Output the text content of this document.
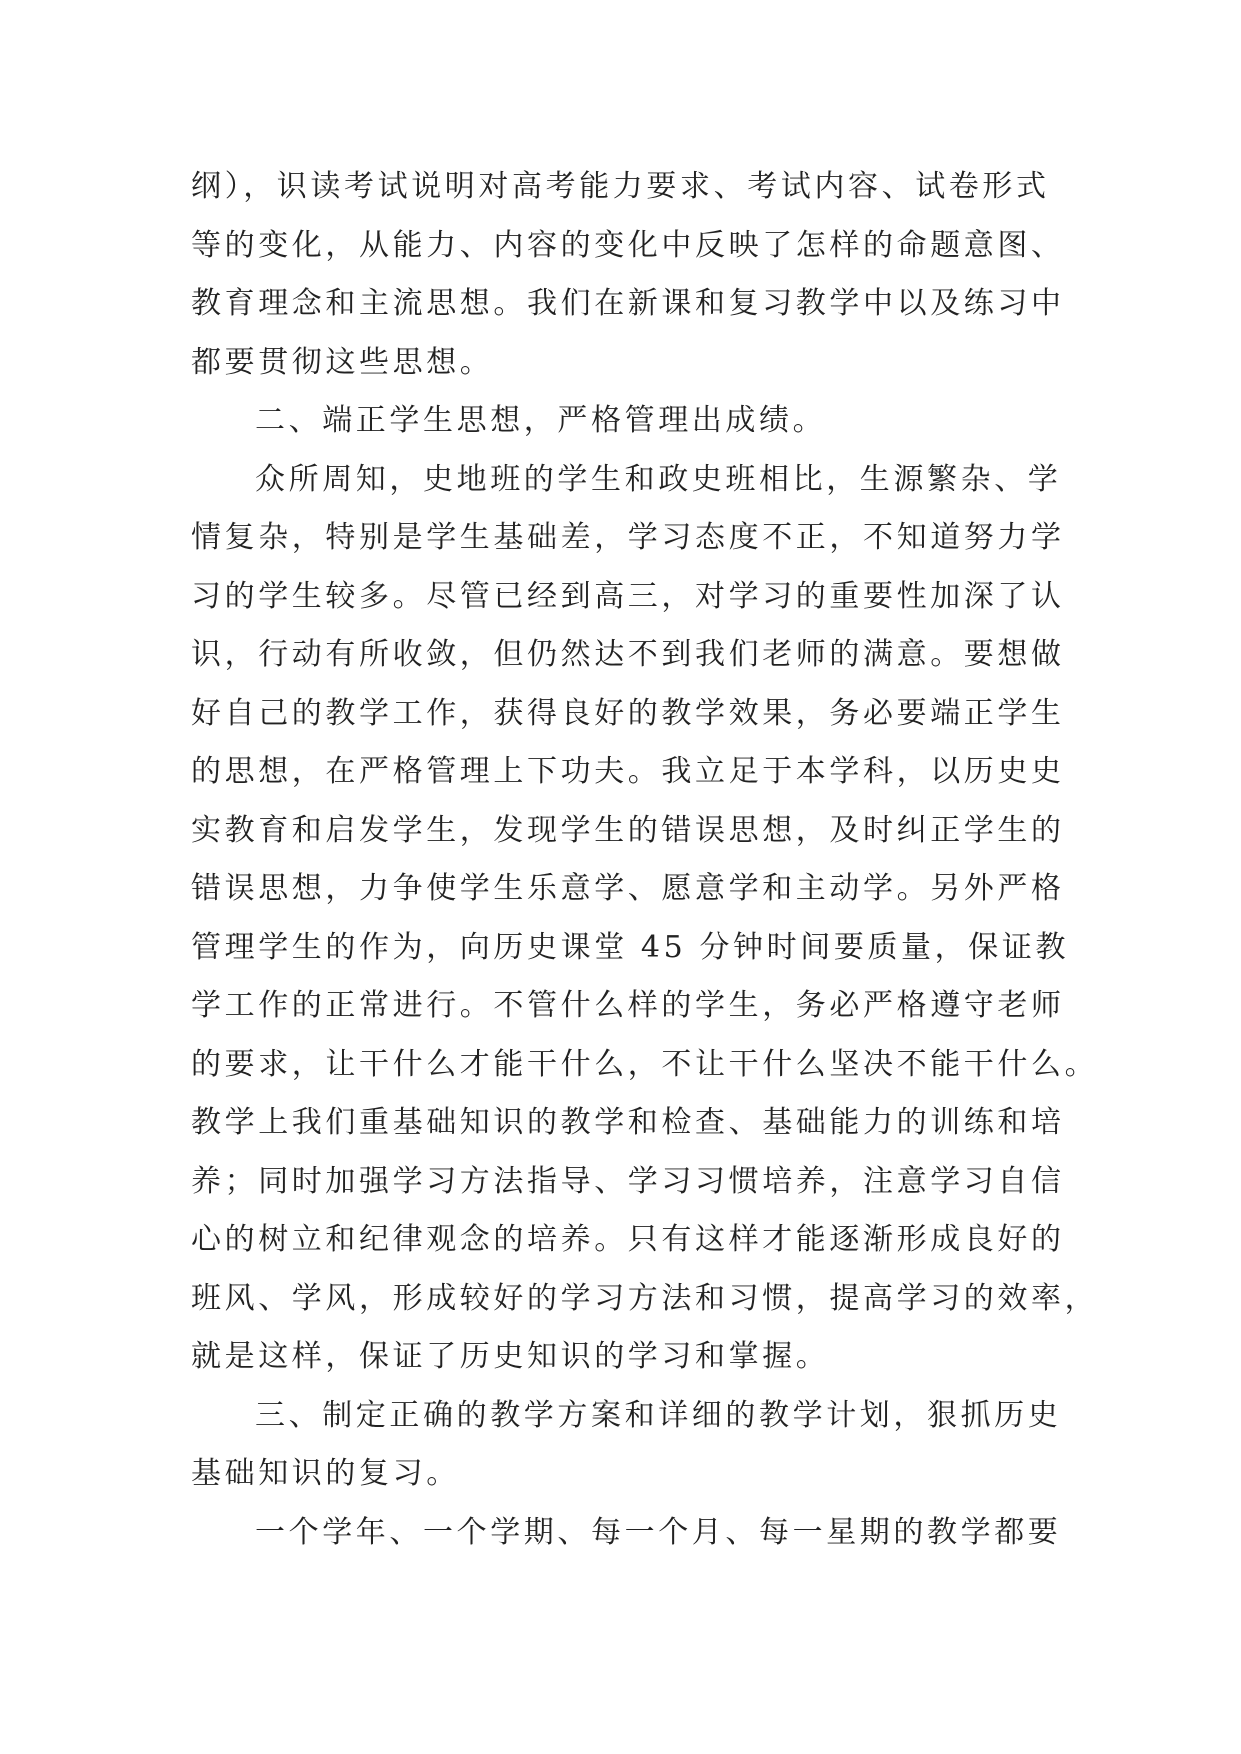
纲），识读考试说明对高考能力要求、考试内容、试卷形式
等的变化，从能力、内容的变化中反映了怎样的命题意图、
教育理念和主流思想。我们在新课和复习教学中以及练习中
都要贯彻这些思想。
二、端正学生思想，严格管理出成绩。
众所周知，史地班的学生和政史班相比，生源繁杂、学
情复杂，特别是学生基础差，学习态度不正，不知道努力学
习的学生较多。尽管已经到高三，对学习的重要性加深了认
识，行动有所收敛，但仍然达不到我们老师的满意。要想做
好自己的教学工作，获得良好的教学效果，务必要端正学生
的思想，在严格管理上下功夫。我立足于本学科，以历史史
实教育和启发学生，发现学生的错误思想，及时纠正学生的
错误思想，力争使学生乐意学、愿意学和主动学。另外严格
管理学生的作为，向历史课堂 45 分钟时间要质量，保证教
学工作的正常进行。不管什么样的学生，务必严格遵守老师
的要求，让干什么才能干什么，不让干什么坚决不能干什么。
教学上我们重基础知识的教学和检查、基础能力的训练和培
养；同时加强学习方法指导、学习习惯培养，注意学习自信
心的树立和纪律观念的培养。只有这样才能逐渐形成良好的
班风、学风，形成较好的学习方法和习惯，提高学习的效率，
就是这样，保证了历史知识的学习和掌握。
三、制定正确的教学方案和详细的教学计划，狠抓历史
基础知识的复习。
一个学年、一个学期、每一个月、每一星期的教学都要
